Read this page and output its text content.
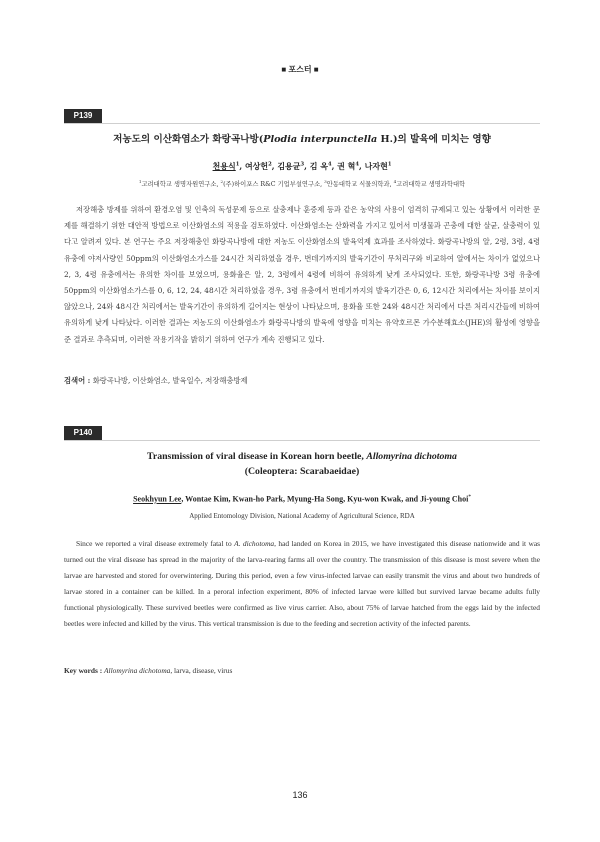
■ 포스터 ■
P139
저농도의 이산화염소가 화랑곡나방(Plodia interpunctella H.)의 발육에 미치는 영향
천용식$^1$, 여상헌$^2$, 김용균$^3$, 김 옥$^4$, 권 혁$^4$, 나자현$^1$
$^1$고려대학교 생명자원연구소, $^2$(주)하이포스 R&C 기업부설연구소, $^3$안동대학교 식물의학과, $^4$고려대학교 생명과학대학
저장해충 방제를 위하여 환경오염 및 인축의 독성문제 등으로 살충제나 훈증제 등과 같은 농약의 사용이 엄격히 규제되고 있는 상황에서 이러한 문제를 해결하기 위한 대안적 방법으로 이산화염소의 적용을 검토하였다. 이산화염소는 산화력을 가지고 있어서 미생물과 곤충에 대한 살균, 살충력이 있다고 알려져 있다. 본 연구는 주요 저장해충인 화랑곡나방에 대한 저농도 이산화염소의 발육억제 효과를 조사하였다. 화랑곡나방의 알, 2령, 3령, 4령 유충에 야저사량인 50ppm의 이산화염소가스를 24시간 처리하였을 경우, 번데기까지의 발육기간이 무처리구와 비교하여 알에서는 차이가 없었으나 2, 3, 4령 유충에서는 유의한 차이를 보였으며, 용화율은 알, 2, 3령에서 4령에 비하여 유의하게 낮게 조사되었다. 또한, 화랑곡나방 3령 유충에 50ppm의 이산화염소가스를 0, 6, 12, 24, 48시간 처리하였을 경우, 3령 유충에서 번데기까지의 발육기간은 0, 6, 12시간 처리에서는 차이를 보이지 않았으나, 24와 48시간 처리에서는 발육기간이 유의하게 길어지는 현상이 나타났으며, 용화율 또한 24와 48시간 처리에서 다른 처리시간들에 비하여 유의하게 낮게 나타났다. 이러한 결과는 저농도의 이산화염소가 화랑곡나방의 발육에 영향을 미치는 유약호르몬 가수분해효소(JHE)의 활성에 영향을 준 결과로 추측되며, 이러한 작용기작을 밝히기 위하여 연구가 계속 진행되고 있다.
검색어 : 화랑곡나방, 이산화염소, 발육일수, 저장해충방제
P140
Transmission of viral disease in Korean horn beetle, Allomyrina dichotoma
(Coleoptera: Scarabaeidae)
Seokhyun Lee, Wontae Kim, Kwan-ho Park, Myung-Ha Song, Kyu-won Kwak, and Ji-young Choi*
Applied Entomology Division, National Academy of Agricultural Science, RDA
Since we reported a viral disease extremely fatal to A. dichotoma, had landed on Korea in 2015, we have investigated this disease nationwide and it was turned out the viral disease has spread in the majority of the larva-rearing farms all over the country. The transmission of this disease is most severe when the larvae are harvested and stored for overwintering. During this period, even a few virus-infected larvae can easily transmit the virus and about two hundreds of larvae stored in a container can be killed. In a peroral infection experiment, 80% of infected larvae were killed but survived larvae became adults fully functional physiologically. These survived beetles were confirmed as live virus carrier. Also, about 75% of larvae hatched from the eggs laid by the infected beetles were infected and killed by the virus. This vertical transmission is due to the feeding and secretion activity of the infected parents.
Key words : Allomyrina dichotoma, larva, disease, virus
136
